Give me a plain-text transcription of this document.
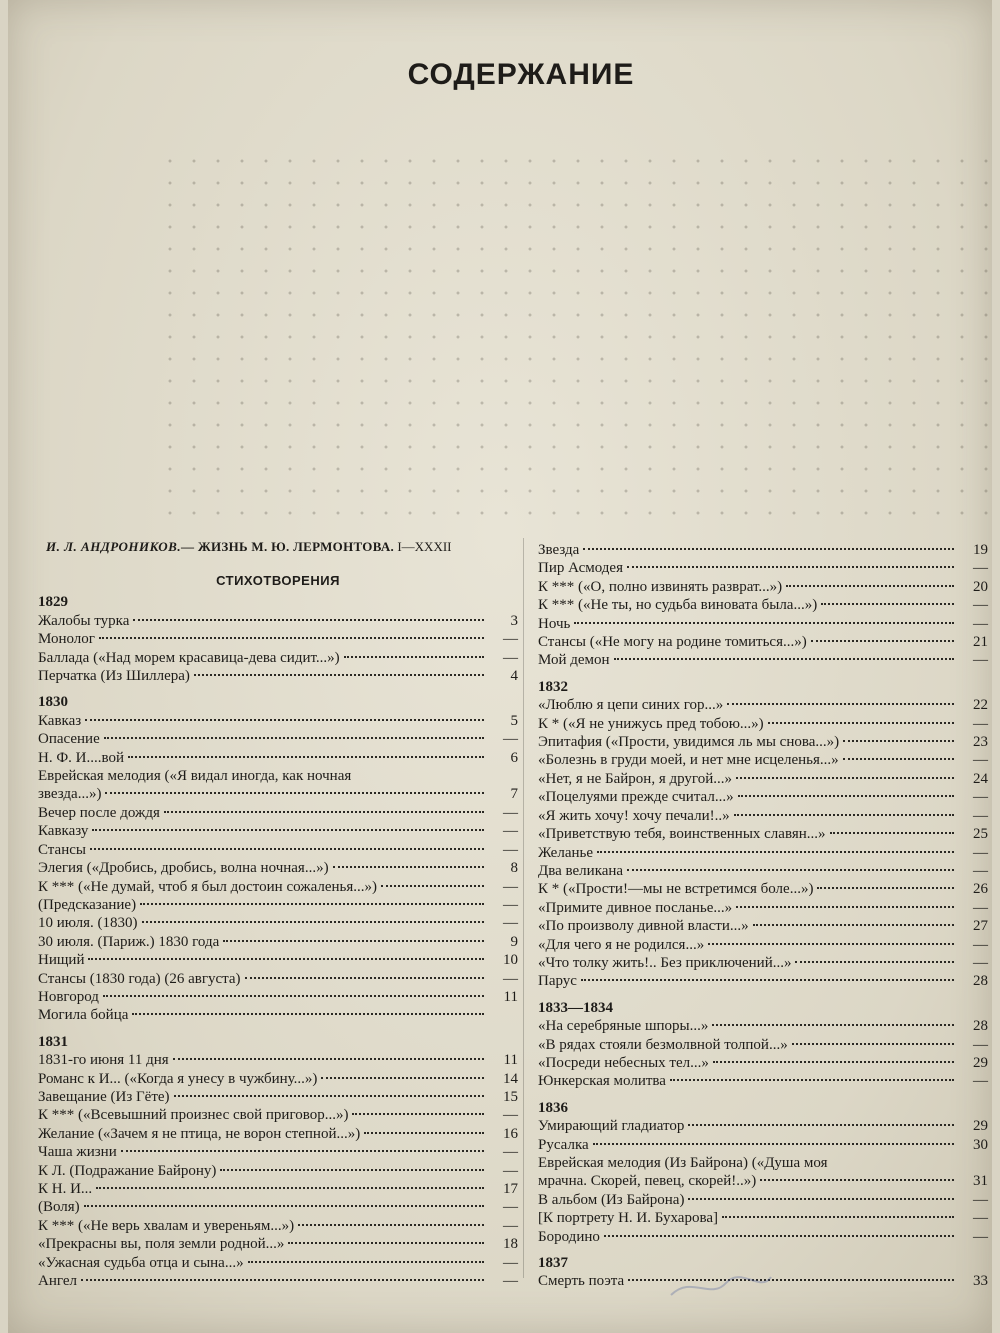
СОДЕРЖАНИЕ
И. Л. АНДРОНИКОВ.— ЖИЗНЬ М. Ю. ЛЕРМОНТОВА. I—XXXII
СТИХОТВОРЕНИЯ
1829
Жалобы турка	3
Монолог	—
Баллада («Над морем красавица-дева сидит...»)	—
Перчатка (Из Шиллера)	4
1830
Кавказ	5
Опасение	—
Н. Ф. И....вой	6
Еврейская мелодия («Я видал иногда, как ночная
звезда...»)	7
Вечер после дождя	—
Кавказу	—
Стансы	—
Элегия («Дробись, дробись, волна ночная...»)	8
К *** («Не думай, чтоб я был достоин сожаленья...»)	—
(Предсказание)	—
10 июля. (1830)	—
30 июля. (Париж.) 1830 года	9
Нищий	10
Стансы (1830 года) (26 августа)	—
Новгород	11
Могила бойца
1831
1831-го июня 11 дня	11
Романс к И... («Когда я унесу в чужбину...»)	14
Завещание (Из Гёте)	15
К *** («Всевышний произнес свой приговор...»)	—
Желание («Зачем я не птица, не ворон степной...»)	16
Чаша жизни	—
К Л. (Подражание Байрону)	—
К Н. И...	17
(Воля)	—
К *** («Не верь хвалам и увереньям...»)	—
«Прекрасны вы, поля земли родной...»	18
«Ужасная судьба отца и сына...»	—
Ангел	—
Звезда	19
Пир Асмодея	—
К *** («О, полно извинять разврат...»)	20
К *** («Не ты, но судьба виновата была...»)	—
Ночь	—
Стансы («Не могу на родине томиться...»)	21
Мой демон	—
1832
«Люблю я цепи синих гор...»	22
К * («Я не унижусь пред тобою...»)	—
Эпитафия («Прости, увидимся ль мы снова...»)	23
«Болезнь в груди моей, и нет мне исцеленья...»	—
«Нет, я не Байрон, я другой...»	24
«Поцелуями прежде считал...»	—
«Я жить хочу! хочу печали!..»	—
«Приветствую тебя, воинственных славян...»	25
Желанье	—
Два великана	—
К * («Прости!—мы не встретимся боле...»)	26
«Примите дивное посланье...»	—
«По произволу дивной власти...»	27
«Для чего я не родился...»	—
«Что толку жить!.. Без приключений...»	—
Парус	28
1833—1834
«На серебряные шпоры...»	28
«В рядах стояли безмолвной толпой...»	—
«Посреди небесных тел...»	29
Юнкерская молитва	—
1836
Умирающий гладиатор	29
Русалка	30
Еврейская мелодия (Из Байрона) («Душа моя
мрачна. Скорей, певец, скорей!..»)	31
В альбом (Из Байрона)	—
[К портрету Н. И. Бухарова]	—
Бородино	—
1837
Смерть поэта	33
